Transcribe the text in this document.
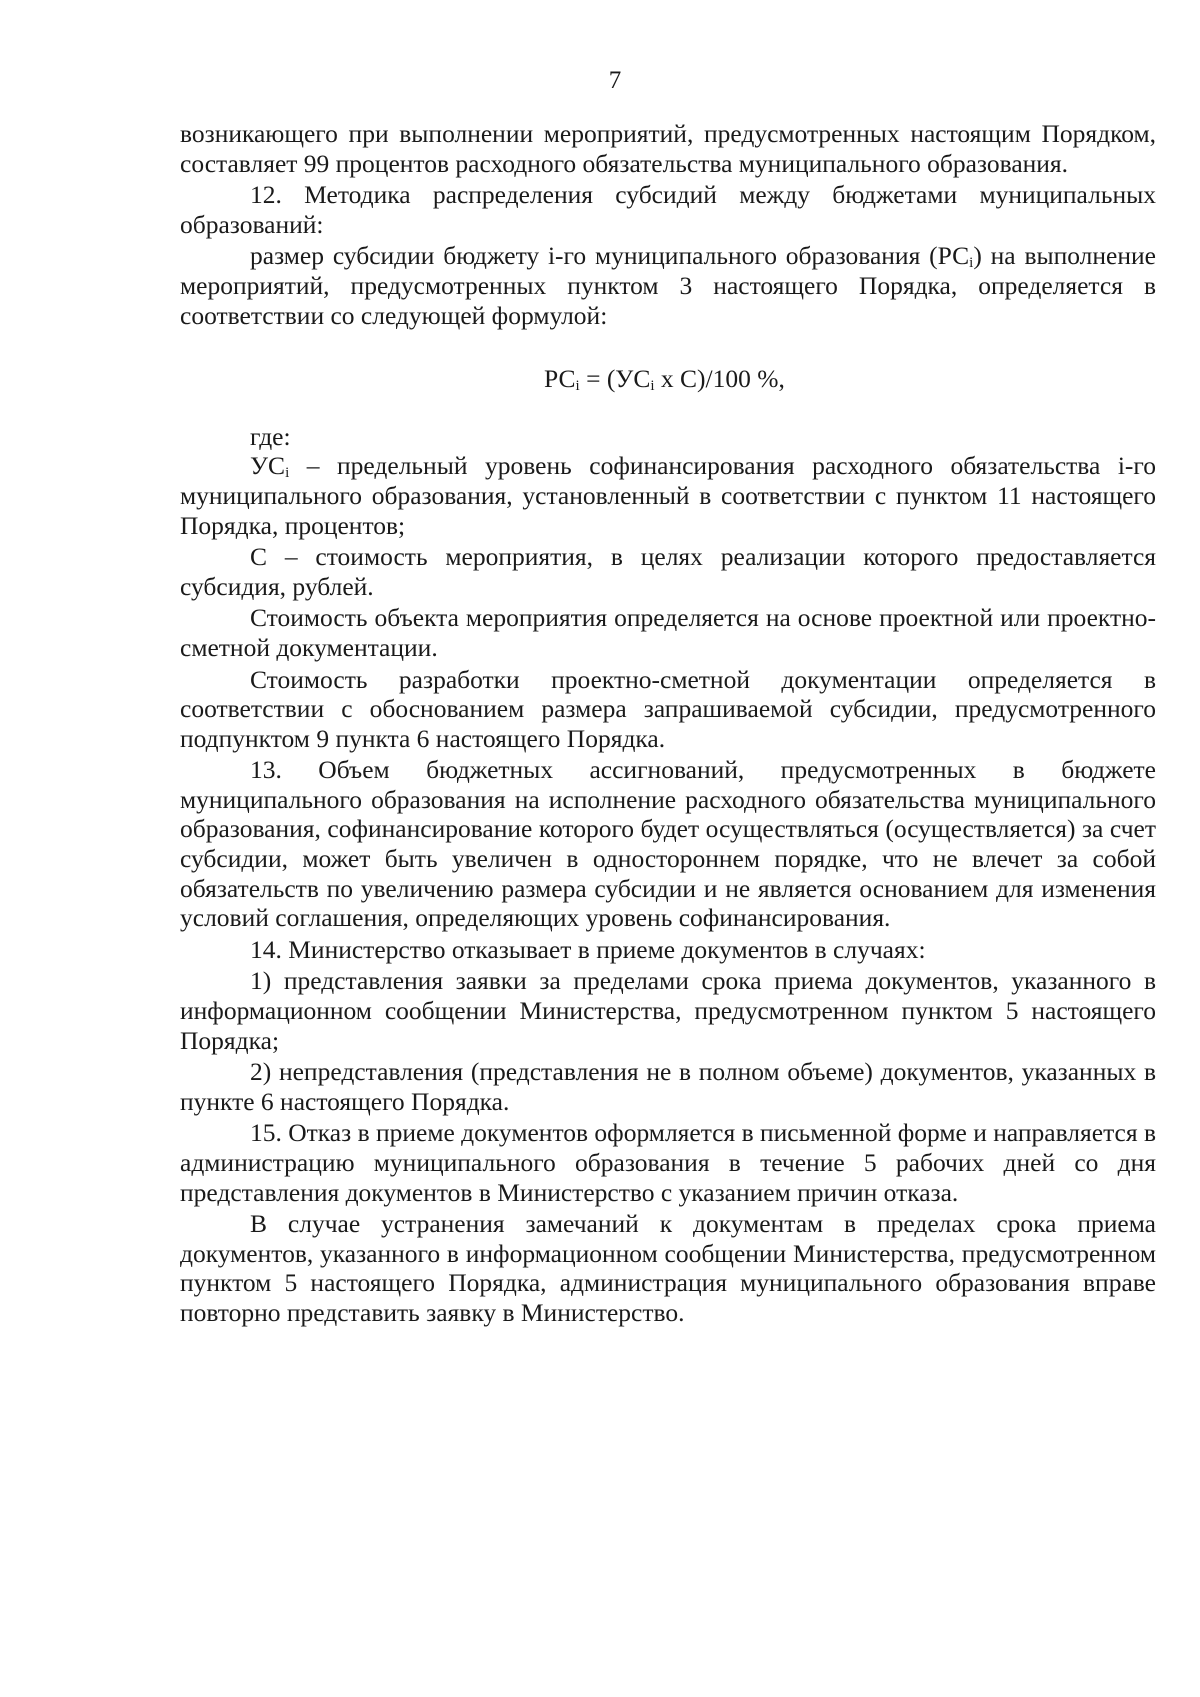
7

возникающего при выполнении мероприятий, предусмотренных настоящим Порядком, составляет 99 процентов расходного обязательства муниципального образования.

12. Методика распределения субсидий между бюджетами муниципальных образований:

размер субсидии бюджету i-го муниципального образования $(РС_i)$ на выполнение мероприятий, предусмотренных пунктом 3 настоящего Порядка, определяется в соответствии со следующей формулой:

$РС_i = (УС_i$ х С)/100 %,

где:

$УС_i$ – предельный уровень софинансирования расходного обязательства i-го муниципального образования, установленный в соответствии с пунктом 11 настоящего Порядка, процентов;

С – стоимость мероприятия, в целях реализации которого предоставляется субсидия, рублей.

Стоимость объекта мероприятия определяется на основе проектной или проектно-сметной документации.

Стоимость разработки проектно-сметной документации определяется в соответствии с обоснованием размера запрашиваемой субсидии, предусмотренного подпунктом 9 пункта 6 настоящего Порядка.

13. Объем бюджетных ассигнований, предусмотренных в бюджете муниципального образования на исполнение расходного обязательства муниципального образования, софинансирование которого будет осуществляться (осуществляется) за счет субсидии, может быть увеличен в одностороннем порядке, что не влечет за собой обязательств по увеличению размера субсидии и не является основанием для изменения условий соглашения, определяющих уровень софинансирования.

14. Министерство отказывает в приеме документов в случаях:

1) представления заявки за пределами срока приема документов, указанного в информационном сообщении Министерства, предусмотренном пунктом 5 настоящего Порядка;

2) непредставления (представления не в полном объеме) документов, указанных в пункте 6 настоящего Порядка.

15. Отказ в приеме документов оформляется в письменной форме и направляется в администрацию муниципального образования в течение 5 рабочих дней со дня представления документов в Министерство с указанием причин отказа.

В случае устранения замечаний к документам в пределах срока приема документов, указанного в информационном сообщении Министерства, предусмотренном пунктом 5 настоящего Порядка, администрация муниципального образования вправе повторно представить заявку в Министерство.
